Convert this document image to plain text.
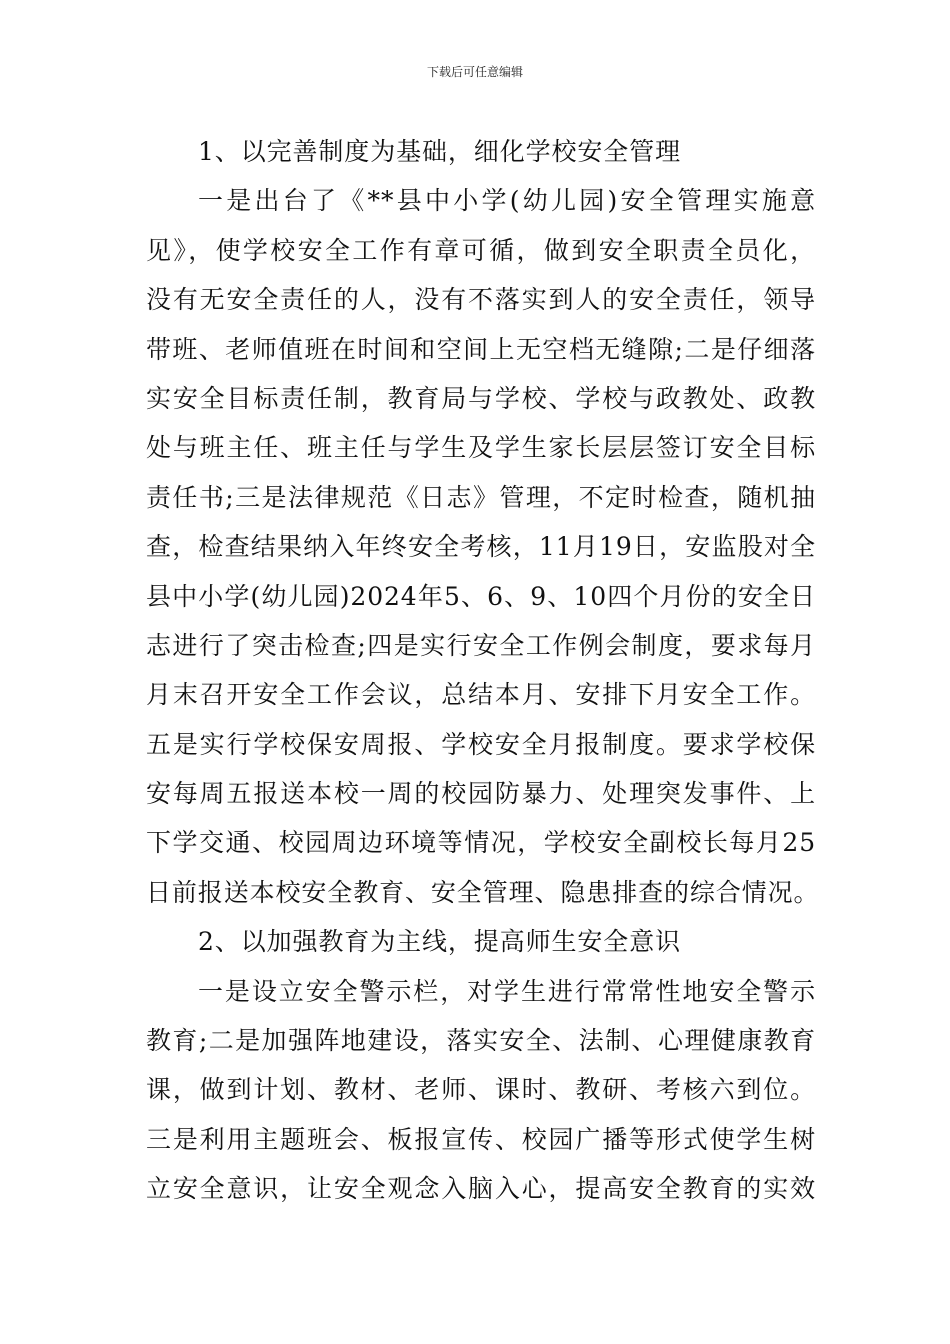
下载后可任意编辑
1、以完善制度为基础，细化学校安全管理
一是出台了《**县中小学(幼儿园)安全管理实施意
见》，使学校安全工作有章可循，做到安全职责全员化，
没有无安全责任的人，没有不落实到人的安全责任，领导
带班、老师值班在时间和空间上无空档无缝隙;二是仔细落
实安全目标责任制，教育局与学校、学校与政教处、政教
处与班主任、班主任与学生及学生家长层层签订安全目标
责任书;三是法律规范《日志》管理，不定时检查，随机抽
查，检查结果纳入年终安全考核，11月19日，安监股对全
县中小学(幼儿园)2024年5、6、9、10四个月份的安全日
志进行了突击检查;四是实行安全工作例会制度，要求每月
月末召开安全工作会议，总结本月、安排下月安全工作。
五是实行学校保安周报、学校安全月报制度。要求学校保
安每周五报送本校一周的校园防暴力、处理突发事件、上
下学交通、校园周边环境等情况，学校安全副校长每月25
日前报送本校安全教育、安全管理、隐患排查的综合情况。
2、以加强教育为主线，提高师生安全意识
一是设立安全警示栏，对学生进行常常性地安全警示
教育;二是加强阵地建设，落实安全、法制、心理健康教育
课，做到计划、教材、老师、课时、教研、考核六到位。
三是利用主题班会、板报宣传、校园广播等形式使学生树
立安全意识，让安全观念入脑入心，提高安全教育的实效
